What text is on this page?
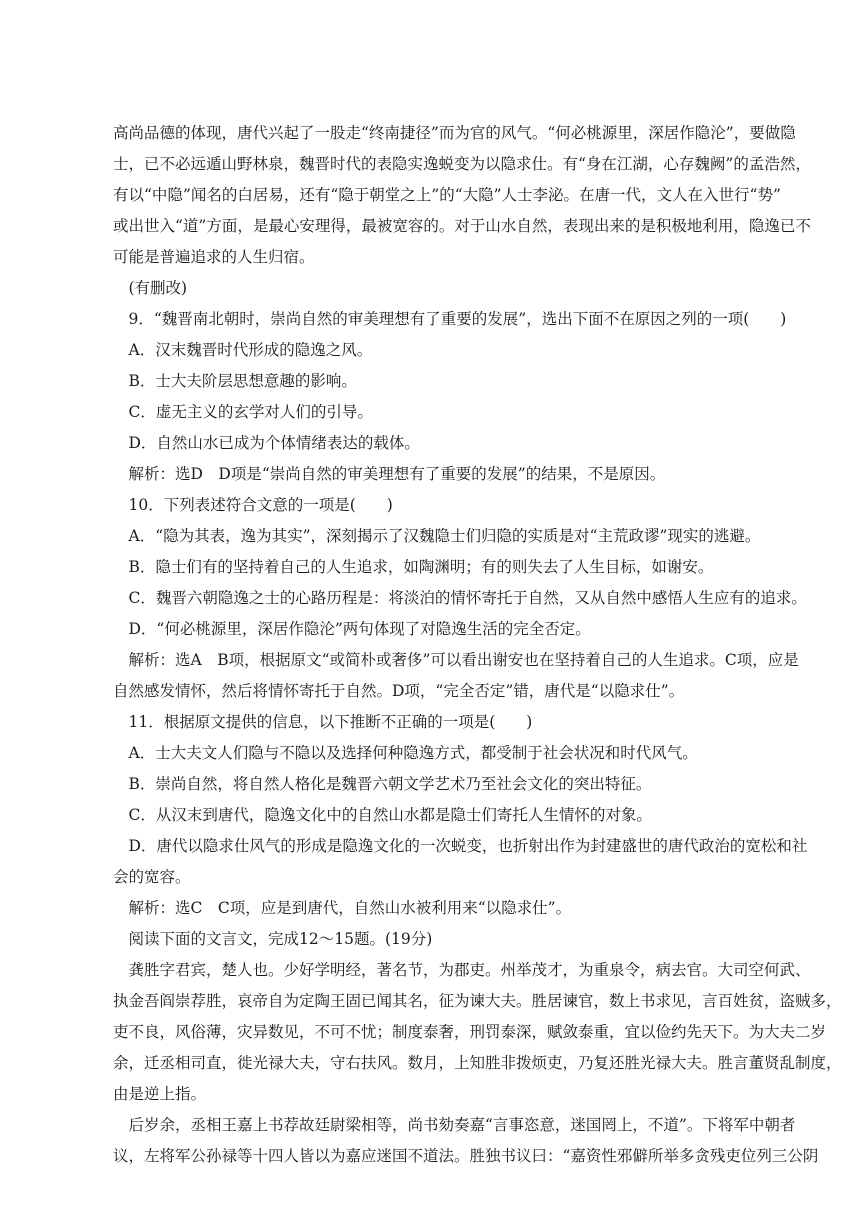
高尚品德的体现，唐代兴起了一股走“终南捷径”而为官的风气。“何必桃源里，深居作隐沦”，要做隐
士，已不必远遁山野林泉，魏晋时代的表隐实逸蜕变为以隐求仕。有“身在江湖，心存魏阙”的孟浩然，
有以“中隐”闻名的白居易，还有“隐于朝堂之上”的“大隐”人士李泌。在唐一代，文人在入世行“势”
或出世入“道”方面，是最心安理得，最被宽容的。对于山水自然，表现出来的是积极地利用，隐逸已不
可能是普遍追求的人生归宿。
　(有删改)
　9．“魏晋南北朝时，崇尚自然的审美理想有了重要的发展”，选出下面不在原因之列的一项(　　)
　A．汉末魏晋时代形成的隐逸之风。
　B．士大夫阶层思想意趣的影响。
　C．虚无主义的玄学对人们的引导。
　D．自然山水已成为个体情绪表达的载体。
　解析：选D　D项是“崇尚自然的审美理想有了重要的发展”的结果，不是原因。
　10．下列表述符合文意的一项是(　　)
　A．“隐为其表，逸为其实”，深刻揭示了汉魏隐士们归隐的实质是对“主荒政谬”现实的逃避。
　B．隐士们有的坚持着自己的人生追求，如陶渊明；有的则失去了人生目标，如谢安。
　C．魏晋六朝隐逸之士的心路历程是：将淡泊的情怀寄托于自然，又从自然中感悟人生应有的追求。
　D．“何必桃源里，深居作隐沦”两句体现了对隐逸生活的完全否定。
　解析：选A　B项，根据原文“或简朴或奢侈”可以看出谢安也在坚持着自己的人生追求。C项，应是
自然感发情怀，然后将情怀寄托于自然。D项，“完全否定”错，唐代是“以隐求仕”。
　11．根据原文提供的信息，以下推断不正确的一项是(　　)
　A．士大夫文人们隐与不隐以及选择何种隐逸方式，都受制于社会状况和时代风气。
　B．崇尚自然，将自然人格化是魏晋六朝文学艺术乃至社会文化的突出特征。
　C．从汉末到唐代，隐逸文化中的自然山水都是隐士们寄托人生情怀的对象。
　D．唐代以隐求仕风气的形成是隐逸文化的一次蜕变，也折射出作为封建盛世的唐代政治的宽松和社
会的宽容。
　解析：选C　C项，应是到唐代，自然山水被利用来“以隐求仕”。
　阅读下面的文言文，完成12～15题。(19分)
　龚胜字君宾，楚人也。少好学明经，著名节，为郡吏。州举茂才，为重泉令，病去官。大司空何武、
执金吾阎崇荐胜，哀帝自为定陶王固已闻其名，征为谏大夫。胜居谏官，数上书求见，言百姓贫，盗贼多，
吏不良，风俗薄，灾异数见，不可不忧；制度泰奢，刑罚泰深，赋敛泰重，宜以俭约先天下。为大夫二岁
余，迁丞相司直，徙光禄大夫，守右扶风。数月，上知胜非拨烦吏，乃复还胜光禄大夫。胜言董贤乱制度，
由是逆上指。
　后岁余，丞相王嘉上书荐故廷尉梁相等，尚书劾奏嘉“言事恣意，迷国罔上，不道”。下将军中朝者
议，左将军公孙禄等十四人皆以为嘉应迷国不道法。胜独书议曰：“嘉资性邪僻所举多贪残吏位列三公阴
